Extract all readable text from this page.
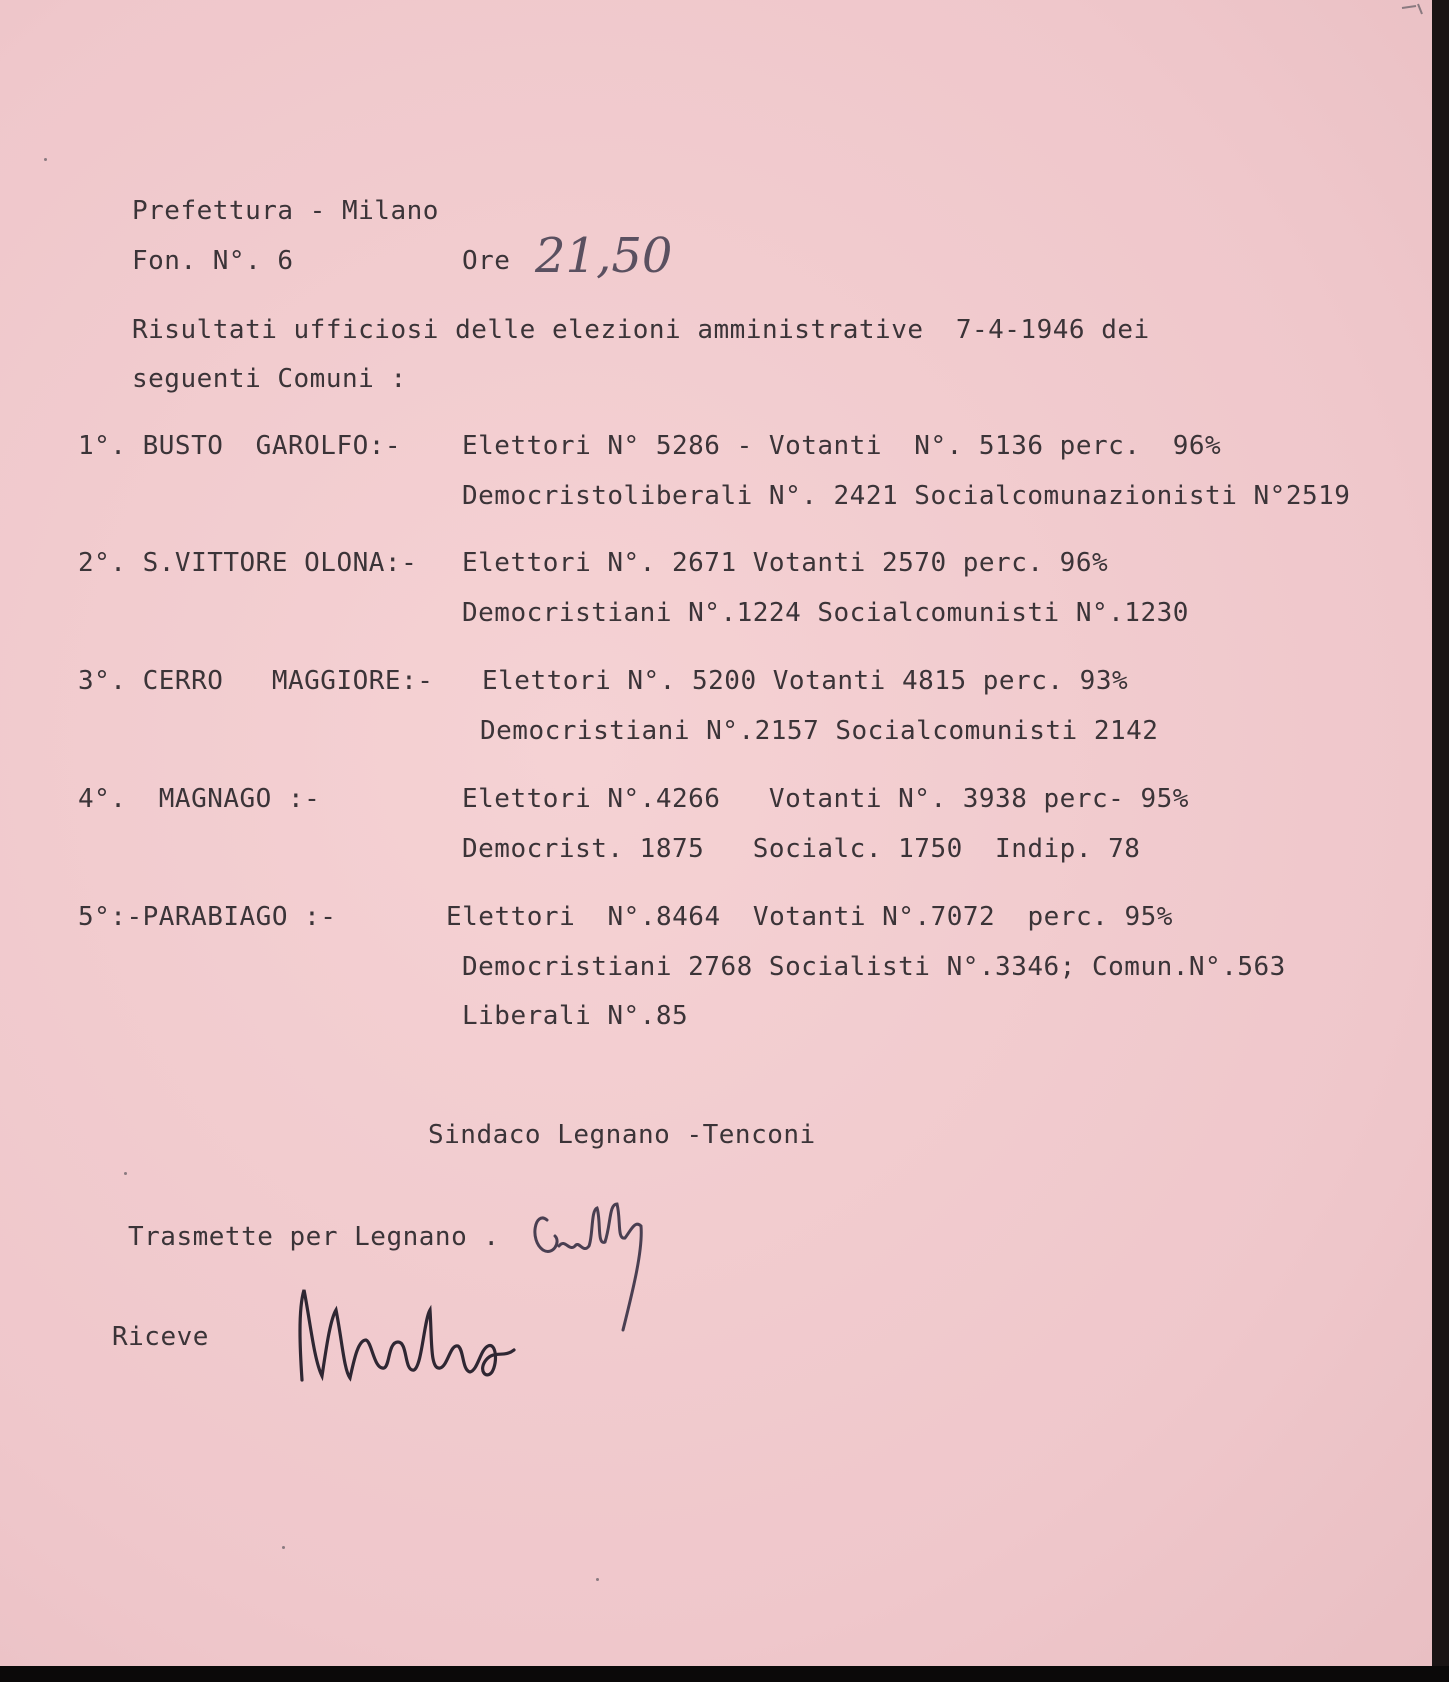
Prefettura - Milano
Fon. N°. 6	Ore 21,50
Risultati ufficiosi delle elezioni amministrative  7-4-1946 dei
seguenti Comuni :
1°. BUSTO  GAROLFO:- Elettori N° 5286 - Votanti  N°. 5136 perc.  96%
Democristoliberali N°. 2421 Socialcomunazionisti N°2519
2°. S.VITTORE OLONA:- Elettori N°. 2671 Votanti 2570 perc. 96%
Democristiani N°.1224 Socialcomunisti N°.1230
3°. CERRO   MAGGIORE:- Elettori N°. 5200 Votanti 4815 perc. 93%
Democristiani N°.2157 Socialcomunisti 2142
4°.  MAGNAGO :-	Elettori N°.4266   Votanti N°. 3938 perc- 95%
Democrist. 1875   Socialc. 1750  Indip. 78
5°:-PARABIAGO :-	Elettori  N°.8464  Votanti N°.7072  perc. 95%
Democristiani 2768 Socialisti N°.3346; Comun.N°.563
Liberali N°.85
Sindaco Legnano -Tenconi
Trasmette per Legnano .
Riceve
